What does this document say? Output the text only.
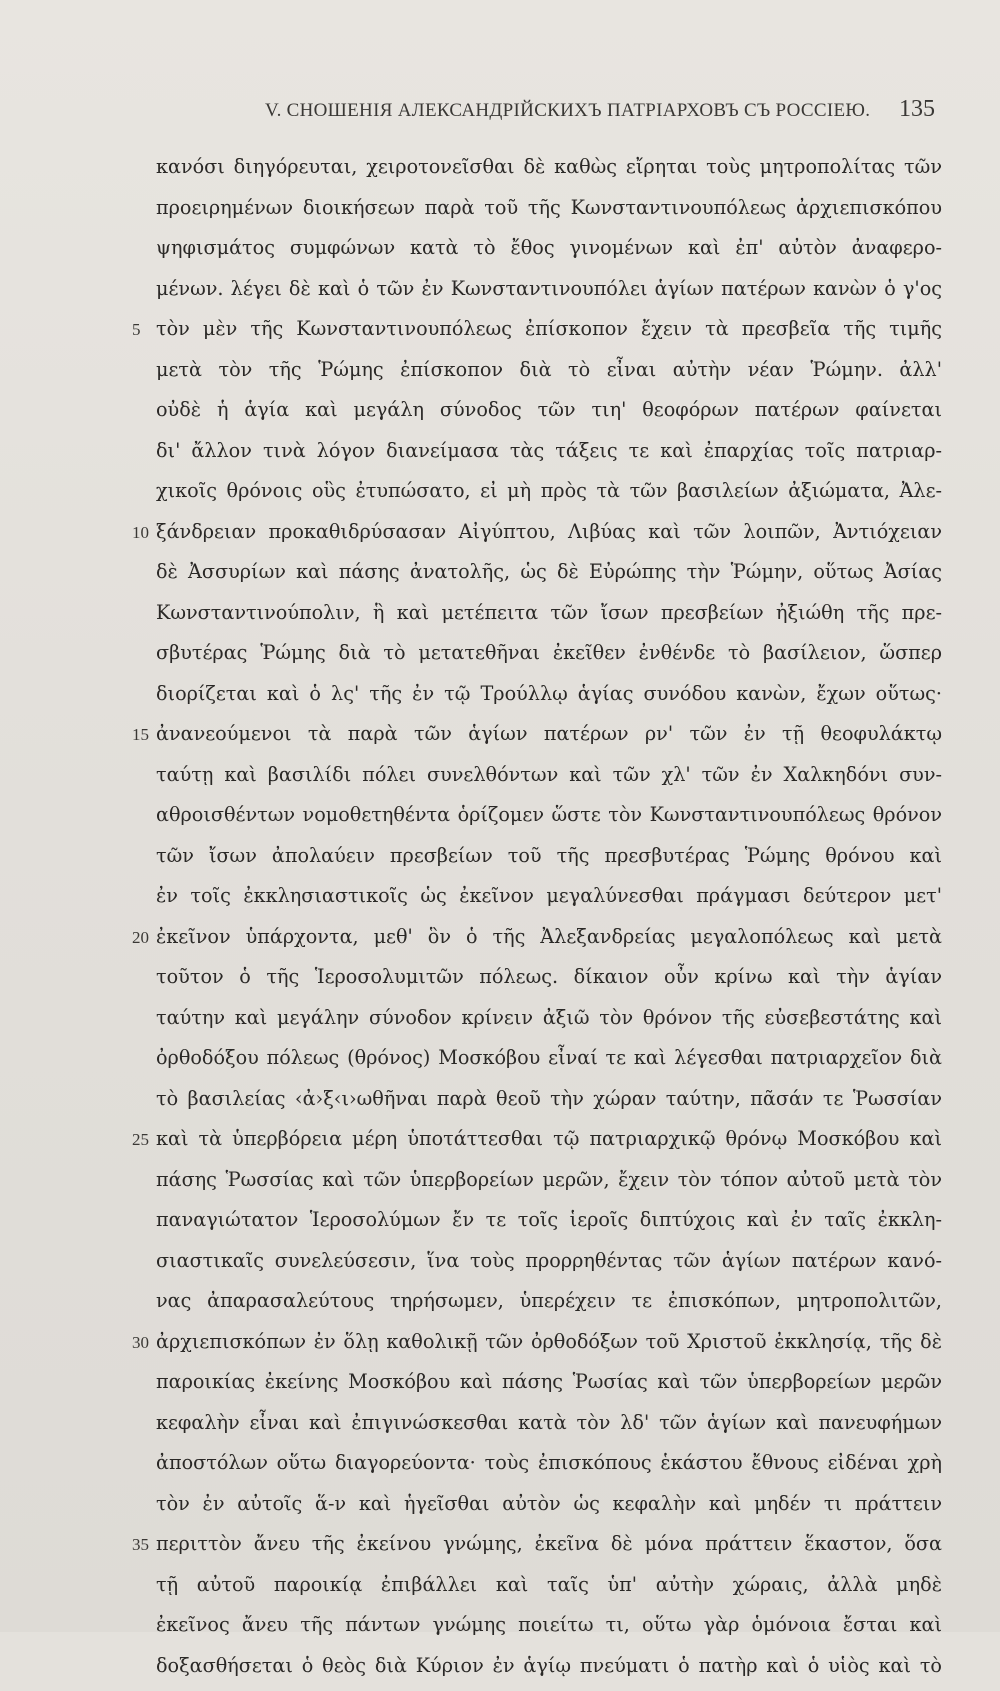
V. СНОШЕНІЯ АЛЕКСАНДРІЙСКИХЪ ПАТРІАРХОВЪ СЪ РОССІЕЮ. 135
κανόσι διηγόρευται, χειροτονεῖσθαι δὲ καθὼς εἴρηται τοὺς μητροπολίτας τῶν
προειρημένων διοικήσεων παρὰ τοῦ τῆς Κωνσταντινουπόλεως ἀρχιεπισκόπου
ψηφισμάτος συμφώνων κατὰ τὸ ἔθος γινομένων καὶ ἐπ' αὐτὸν ἀναφερο-
μένων. λέγει δὲ καὶ ὁ τῶν ἐν Κωνσταντινουπόλει ἁγίων πατέρων κανὼν ὁ γ'ος
5 τὸν μὲν τῆς Κωνσταντινουπόλεως ἐπίσκοπον ἔχειν τὰ πρεσβεῖα τῆς τιμῆς
μετὰ τὸν τῆς Ῥώμης ἐπίσκοπον διὰ τὸ εἶναι αὐτὴν νέαν Ῥώμην. ἀλλ'
οὐδὲ ἡ ἁγία καὶ μεγάλη σύνοδος τῶν τιη' θεοφόρων πατέρων φαίνεται
δι' ἄλλον τινὰ λόγον διανείμασα τὰς τάξεις τε καὶ ἐπαρχίας τοῖς πατριαρ-
χικοῖς θρόνοις οὓς ἐτυπώσατο, εἰ μὴ πρὸς τὰ τῶν βασιλείων ἀξιώματα, Ἀλε-
10 ξάνδρειαν προκαθιδρύσασαν Αἰγύπτου, Λιβύας καὶ τῶν λοιπῶν, Ἀντιόχειαν
δὲ Ἀσσυρίων καὶ πάσης ἀνατολῆς, ὡς δὲ Εὐρώπης τὴν Ῥώμην, οὕτως Ἀσίας
Κωνσταντινούπολιν, ἣ καὶ μετέπειτα τῶν ἴσων πρεσβείων ἠξιώθη τῆς πρε-
σβυτέρας Ῥώμης διὰ τὸ μετατεθῆναι ἐκεῖθεν ἐνθένδε τὸ βασίλειον, ὥσπερ
διορίζεται καὶ ὁ λς' τῆς ἐν τῷ Τρούλλῳ ἁγίας συνόδου κανὼν, ἔχων οὕτως·
15 ἀνανεούμενοι τὰ παρὰ τῶν ἁγίων πατέρων ρν' τῶν ἐν τῇ θεοφυλάκτῳ
ταύτῃ καὶ βασιλίδι πόλει συνελθόντων καὶ τῶν χλ' τῶν ἐν Χαλκηδόνι συν-
αθροισθέντων νομοθετηθέντα ὁρίζομεν ὥστε τὸν Κωνσταντινουπόλεως θρόνον
τῶν ἴσων ἀπολαύειν πρεσβείων τοῦ τῆς πρεσβυτέρας Ῥώμης θρόνου καὶ
ἐν τοῖς ἐκκλησιαστικοῖς ὡς ἐκεῖνον μεγαλύνεσθαι πράγμασι δεύτερον μετ'
20 ἐκεῖνον ὑπάρχοντα, μεθ' ὃν ὁ τῆς Ἀλεξανδρείας μεγαλοπόλεως καὶ μετὰ
τοῦτον ὁ τῆς Ἱεροσολυμιτῶν πόλεως. δίκαιον οὖν κρίνω καὶ τὴν ἁγίαν
ταύτην καὶ μεγάλην σύνοδον κρίνειν ἀξιῶ τὸν θρόνον τῆς εὐσεβεστάτης καὶ
ὀρθοδόξου πόλεως (θρόνος) Μοσκόβου εἶναί τε καὶ λέγεσθαι πατριαρχεῖον διὰ
τὸ βασιλείας ‹ἀ›ξ‹ι›ωθῆναι παρὰ θεοῦ τὴν χώραν ταύτην, πᾶσάν τε Ῥωσσίαν
25 καὶ τὰ ὑπερβόρεια μέρη ὑποτάττεσθαι τῷ πατριαρχικῷ θρόνῳ Μοσκόβου καὶ
πάσης Ῥωσσίας καὶ τῶν ὑπερβορείων μερῶν, ἔχειν τὸν τόπον αὐτοῦ μετὰ τὸν
παναγιώτατον Ἱεροσολύμων ἔν τε τοῖς ἱεροῖς διπτύχοις καὶ ἐν ταῖς ἐκκλη-
σιαστικαῖς συνελεύσεσιν, ἵνα τοὺς προρρηθέντας τῶν ἁγίων πατέρων κανό-
νας ἀπαρασαλεύτους τηρήσωμεν, ὑπερέχειν τε ἐπισκόπων, μητροπολιτῶν,
30 ἀρχιεπισκόπων ἐν ὅλῃ καθολικῇ τῶν ὀρθοδόξων τοῦ Χριστοῦ ἐκκλησίᾳ, τῆς δὲ
παροικίας ἐκείνης Μοσκόβου καὶ πάσης Ῥωσίας καὶ τῶν ὑπερβορείων μερῶν
κεφαλὴν εἶναι καὶ ἐπιγινώσκεσθαι κατὰ τὸν λδ' τῶν ἁγίων καὶ πανευφήμων
ἀποστόλων οὕτω διαγορεύοντα· τοὺς ἐπισκόπους ἑκάστου ἔθνους εἰδέναι χρὴ
τὸν ἐν αὐτοῖς ἅ-ν καὶ ἡγεῖσθαι αὐτὸν ὡς κεφαλὴν καὶ μηδέν τι πράττειν
35 περιττὸν ἄνευ τῆς ἐκείνου γνώμης, ἐκεῖνα δὲ μόνα πράττειν ἕκαστον, ὅσα
τῇ αὐτοῦ παροικίᾳ ἐπιβάλλει καὶ ταῖς ὑπ' αὐτὴν χώραις, ἀλλὰ μηδὲ
ἐκεῖνος ἄνευ τῆς πάντων γνώμης ποιείτω τι, οὕτω γὰρ ὁμόνοια ἔσται καὶ
δοξασθήσεται ὁ θεὸς διὰ Κύριον ἐν ἁγίῳ πνεύματι ὁ πατὴρ καὶ ὁ υἱὸς καὶ τὸ
